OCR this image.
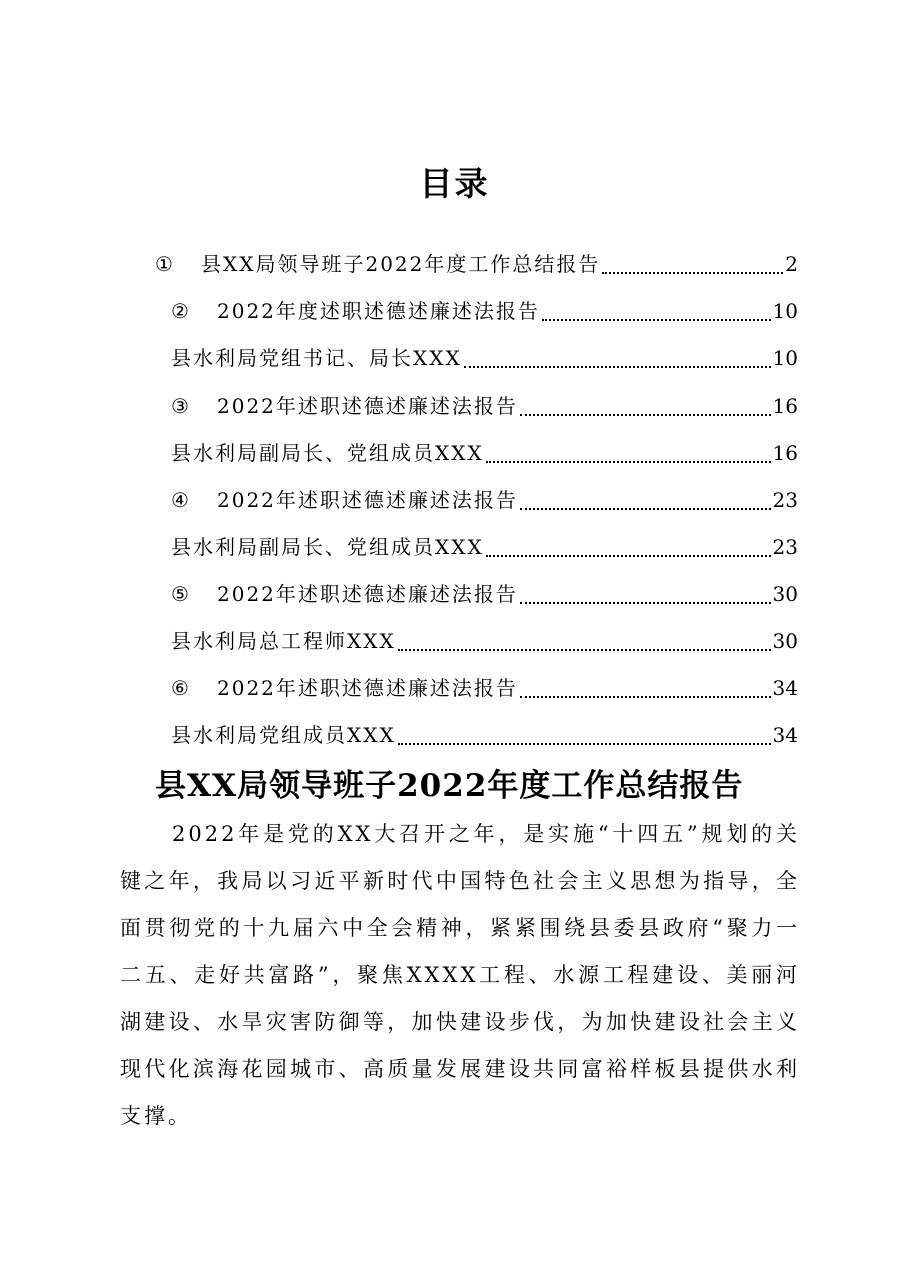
目录
①	县XX局领导班子2022年度工作总结报告	2
②	2022年度述职述德述廉述法报告	10
县水利局党组书记、局长XXX	10
③	2022年述职述德述廉述法报告	16
县水利局副局长、党组成员XXX	16
④	2022年述职述德述廉述法报告	23
县水利局副局长、党组成员XXX	23
⑤	2022年述职述德述廉述法报告	30
县水利局总工程师XXX	30
⑥	2022年述职述德述廉述法报告	34
县水利局党组成员XXX	34
县XX局领导班子2022年度工作总结报告

2022年是党的XX大召开之年，是实施“十四五”规划的关键之年，我局以习近平新时代中国特色社会主义思想为指导，全面贯彻党的十九届六中全会精神，紧紧围绕县委县政府“聚力一二五、走好共富路”，聚焦XXXX工程、水源工程建设、美丽河湖建设、水旱灾害防御等，加快建设步伐，为加快建设社会主义现代化滨海花园城市、高质量发展建设共同富裕样板县提供水利支撑。
